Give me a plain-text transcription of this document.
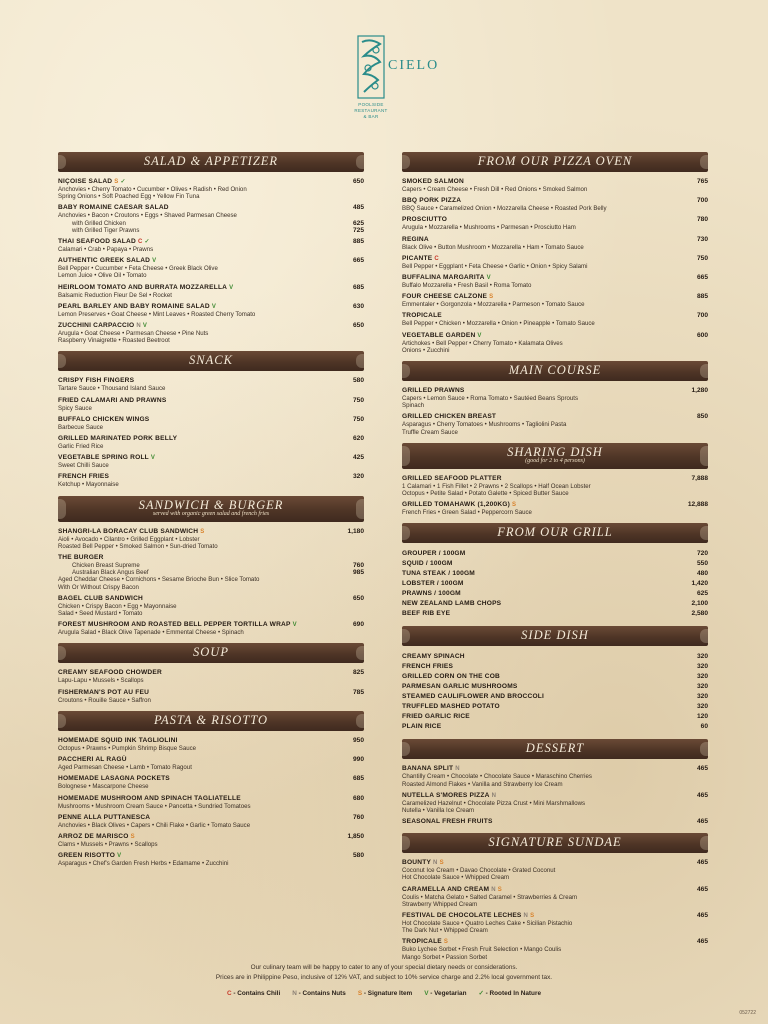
CIELO
POOLSIDE RESTAURANT & BAR
SALAD & APPETIZER
NIÇOISE SALAD S ✓	650
Anchovies • Cherry Tomato • Cucumber • Olives • Radish • Red Onion
Spring Onions • Soft Poached Egg • Yellow Fin Tuna
BABY ROMAINE CAESAR SALAD	485
Anchovies • Bacon • Croutons • Eggs • Shaved Parmesan Cheese
with Grilled Chicken	625
with Grilled Tiger Prawns	725
THAI SEAFOOD SALAD C ✓	885
Calamari • Crab • Papaya • Prawns
AUTHENTIC GREEK SALAD V	665
Bell Pepper • Cucumber • Feta Cheese • Greek Black Olive
Lemon Juice • Olive Oil • Tomato
HEIRLOOM TOMATO AND BURRATA MOZZARELLA V	685
Balsamic Reduction Fleur De Sel • Rocket
PEARL BARLEY AND BABY ROMAINE SALAD V	630
Lemon Preserves • Goat Cheese • Mint Leaves • Roasted Cherry Tomato
ZUCCHINI CARPACCIO N V	650
Arugula • Goat Cheese • Parmesan Cheese • Pine Nuts
Raspberry Vinaigrette • Roasted Beetroot
SNACK
CRISPY FISH FINGERS	580
Tartare Sauce • Thousand Island Sauce
FRIED CALAMARI AND PRAWNS	750
Spicy Sauce
BUFFALO CHICKEN WINGS	750
Barbecue Sauce
GRILLED MARINATED PORK BELLY	620
Garlic Fried Rice
VEGETABLE SPRING ROLL V	425
Sweet Chilli Sauce
FRENCH FRIES	320
Ketchup • Mayonnaise
SANDWICH & BURGER
served with organic green salad and french fries
SHANGRI-LA BORACAY CLUB SANDWICH S	1,180
Aioli • Avocado • Cilantro • Grilled Eggplant • Lobster
Roasted Bell Pepper • Smoked Salmon • Sun-dried Tomato
THE BURGER
Chicken Breast Supreme	760
Australian Black Angus Beef	985
Aged Cheddar Cheese • Cornichons • Sesame Brioche Bun • Slice Tomato
With Or Without Crispy Bacon
BAGEL CLUB SANDWICH	650
Chicken • Crispy Bacon • Egg • Mayonnaise
Salad • Seed Mustard • Tomato
FOREST MUSHROOM AND ROASTED BELL PEPPER TORTILLA WRAP V	690
Arugula Salad • Black Olive Tapenade • Emmental Cheese • Spinach
SOUP
CREAMY SEAFOOD CHOWDER	825
Lapu-Lapu • Mussels • Scallops
FISHERMAN'S POT AU FEU	785
Croutons • Rouille Sauce • Saffron
PASTA & RISOTTO
HOMEMADE SQUID INK TAGLIOLINI	950
Octopus • Prawns • Pumpkin Shrimp Bisque Sauce
PACCHERI AL RAGÙ	990
Aged Parmesan Cheese • Lamb • Tomato Ragout
HOMEMADE LASAGNA POCKETS	685
Bolognese • Mascarpone Cheese
HOMEMADE MUSHROOM AND SPINACH TAGLIATELLE	680
Mushrooms • Mushroom Cream Sauce • Pancetta • Sundried Tomatoes
PENNE ALLA PUTTANESCA	760
Anchovies • Black Olives • Capers • Chili Flake • Garlic • Tomato Sauce
ARROZ DE MARISCO S	1,850
Clams • Mussels • Prawns • Scallops
GREEN RISOTTO V	580
Asparagus • Chef's Garden Fresh Herbs • Edamame • Zucchini
FROM OUR PIZZA OVEN
SMOKED SALMON	765
Capers • Cream Cheese • Fresh Dill • Red Onions • Smoked Salmon
BBQ PORK PIZZA	700
BBQ Sauce • Caramelized Onion • Mozzarella Cheese • Roasted Pork Belly
PROSCIUTTO	780
Arugula • Mozzarella • Mushrooms • Parmesan • Prosciutto Ham
REGINA	730
Black Olive • Button Mushroom • Mozzarella • Ham • Tomato Sauce
PICANTE C	750
Bell Pepper • Eggplant • Feta Cheese • Garlic • Onion • Spicy Salami
BUFFALINA MARGARITA V	665
Buffalo Mozzarella • Fresh Basil • Roma Tomato
FOUR CHEESE CALZONE S	885
Emmentaler • Gorgonzola • Mozzarella • Parmeson • Tomato Sauce
TROPICALE	700
Bell Pepper • Chicken • Mozzarella • Onion • Pineapple • Tomato Sauce
VEGETABLE GARDEN V	600
Artichokes • Bell Pepper • Cherry Tomato • Kalamata Olives
Onions • Zucchini
MAIN COURSE
GRILLED PRAWNS	1,280
Capers • Lemon Sauce • Roma Tomato • Sautéed Beans Sprouts
Spinach
GRILLED CHICKEN BREAST	850
Asparagus • Cherry Tomatoes • Mushrooms • Tagliolini Pasta
Truffle Cream Sauce
SHARING DISH
(good for 2 to 4 persons)
GRILLED SEAFOOD PLATTER	7,888
1 Calamari • 1 Fish Fillet • 2 Prawns • 2 Scallops • Half Ocean Lobster
Octopus • Petite Salad • Potato Galette • Spiced Butter Sauce
GRILLED TOMAHAWK (1,200KG) S	12,888
French Fries • Green Salad • Peppercorn Sauce
FROM OUR GRILL
GROUPER / 100GM	720
SQUID / 100GM	550
TUNA STEAK / 100GM	480
LOBSTER / 100GM	1,420
PRAWNS / 100GM	625
NEW ZEALAND LAMB CHOPS	2,100
BEEF RIB EYE	2,580
SIDE DISH
CREAMY SPINACH	320
FRENCH FRIES	320
GRILLED CORN ON THE COB	320
PARMESAN GARLIC MUSHROOMS	320
STEAMED CAULIFLOWER AND BROCCOLI	320
TRUFFLED MASHED POTATO	320
FRIED GARLIC RICE	120
PLAIN RICE	60
DESSERT
BANANA SPLIT N	465
Chantilly Cream • Chocolate • Chocolate Sauce • Maraschino Cherries
Roasted Almond Flakes • Vanilla and Strawberry Ice Cream
NUTELLA S'MORES PIZZA N	465
Caramelized Hazelnut • Chocolate Pizza Crust • Mini Marshmallows
Nutella • Vanilla Ice Cream
SEASONAL FRESH FRUITS	465
SIGNATURE SUNDAE
BOUNTY N S	465
Coconut Ice Cream • Davao Chocolate • Grated Coconut
Hot Chocolate Sauce • Whipped Cream
CARAMELLA AND CREAM N S	465
Coulis • Matcha Gelato • Salted Caramel • Strawberries & Cream
Strawberry Whipped Cream
FESTIVAL DE CHOCOLATE LECHES N S	465
Hot Chocolate Sauce • Quatro Leches Cake • Sicilian Pistachio
The Dark Nut • Whipped Cream
TROPICALE S	465
Buko Lychee Sorbet • Fresh Fruit Selection • Mango Coulis
Mango Sorbet • Passion Sorbet

Our culinary team will be happy to cater to any of your special dietary needs or considerations.

Prices are in Philippine Peso, inclusive of 12% VAT, and subject to 10% service charge and 2.2% local government tax.

C - Contains Chili N - Contains Nuts S - Signature Item V - Vegetarian ✓ - Rooted In Nature
052722
